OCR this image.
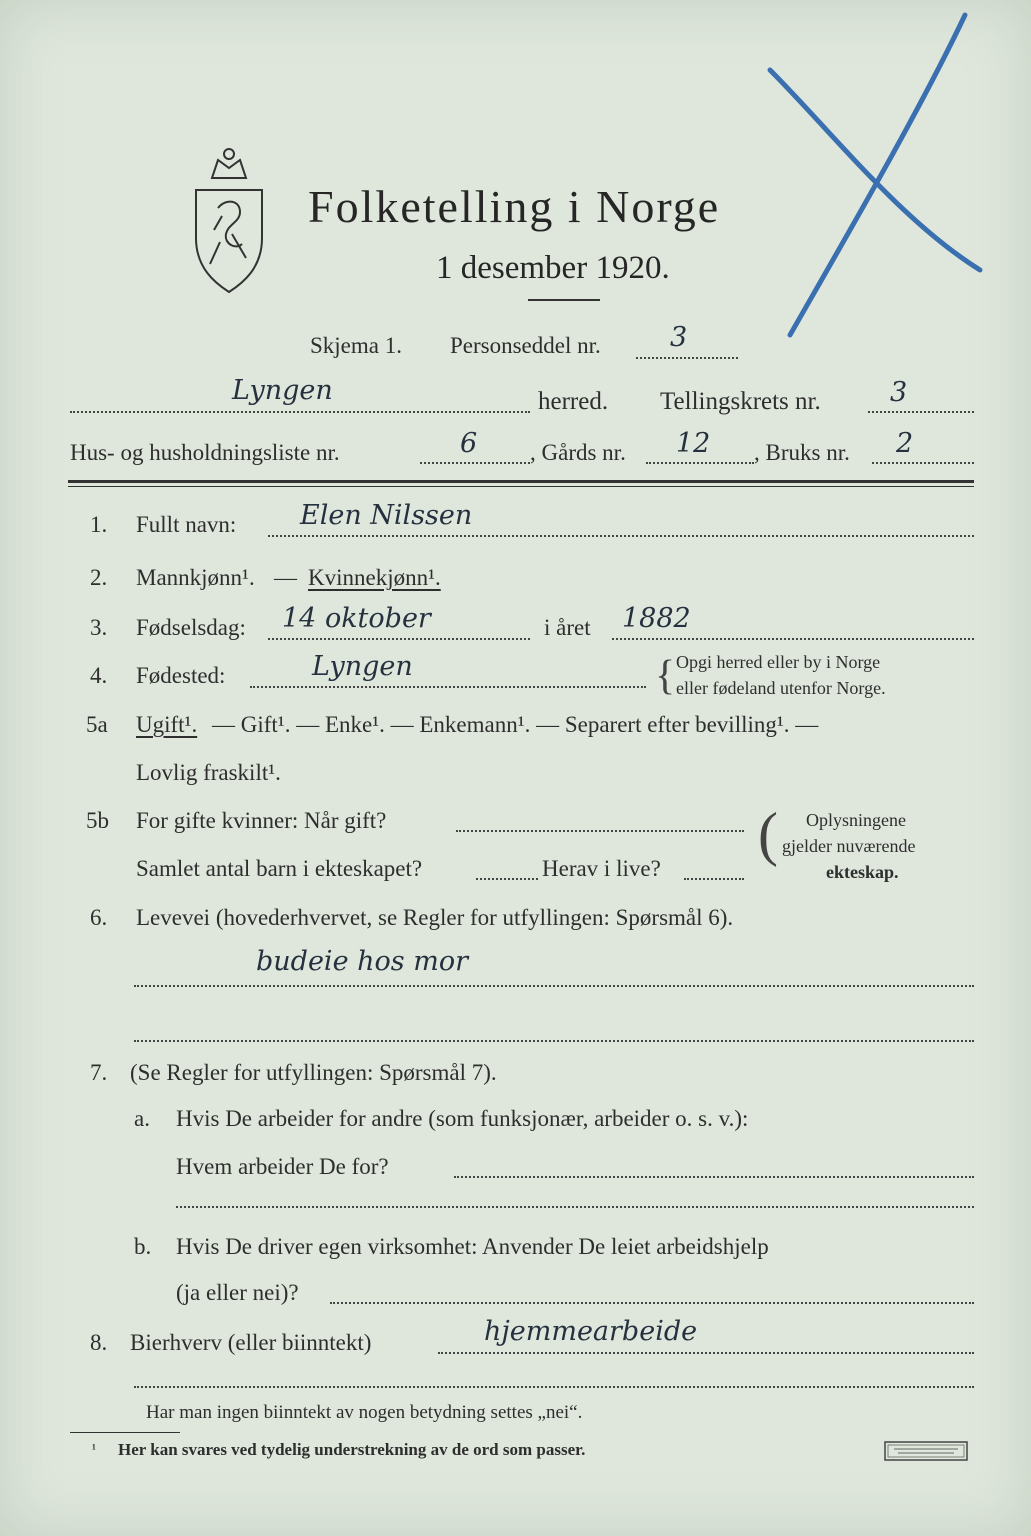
Folketelling i Norge
1 desember 1920.
Skjema 1. Personseddel nr.	3
Lyngen	herred. Tellingskrets nr.	3
Hus- og husholdningsliste nr.	6 , Gårds nr. 12 , Bruks nr. 2
1. Fullt navn: Elen Nilssen
2. Mannkjønn¹. — Kvinnekjønn¹.
3. Fødselsdag: 14 oktober	i året 1882
4. Fødested:	Lyngen	{ Opgi herred eller by i Norge
eller fødeland utenfor Norge.
5a Ugift¹. — Gift¹. — Enke¹. — Enkemann¹. — Separert efter bevilling¹. —
Lovlig fraskilt¹.
5b For gifte kvinner: Når gift?
Samlet antal barn i ekteskapet?	Herav i live?
( Oplysningene
gjelder nuværende
ekteskap.
6. Levevei (hovederhvervet, se Regler for utfyllingen: Spørsmål 6).
budeie hos mor
7. (Se Regler for utfyllingen: Spørsmål 7).
a. Hvis De arbeider for andre (som funksjonær, arbeider o. s. v.):
Hvem arbeider De for?
b. Hvis De driver egen virksomhet: Anvender De leiet arbeidshjelp
(ja eller nei)?
8. Bierhverv (eller biinntekt)	hjemmearbeide
Har man ingen biinntekt av nogen betydning settes „nei“.
¹ Her kan svares ved tydelig understrekning av de ord som passer.
